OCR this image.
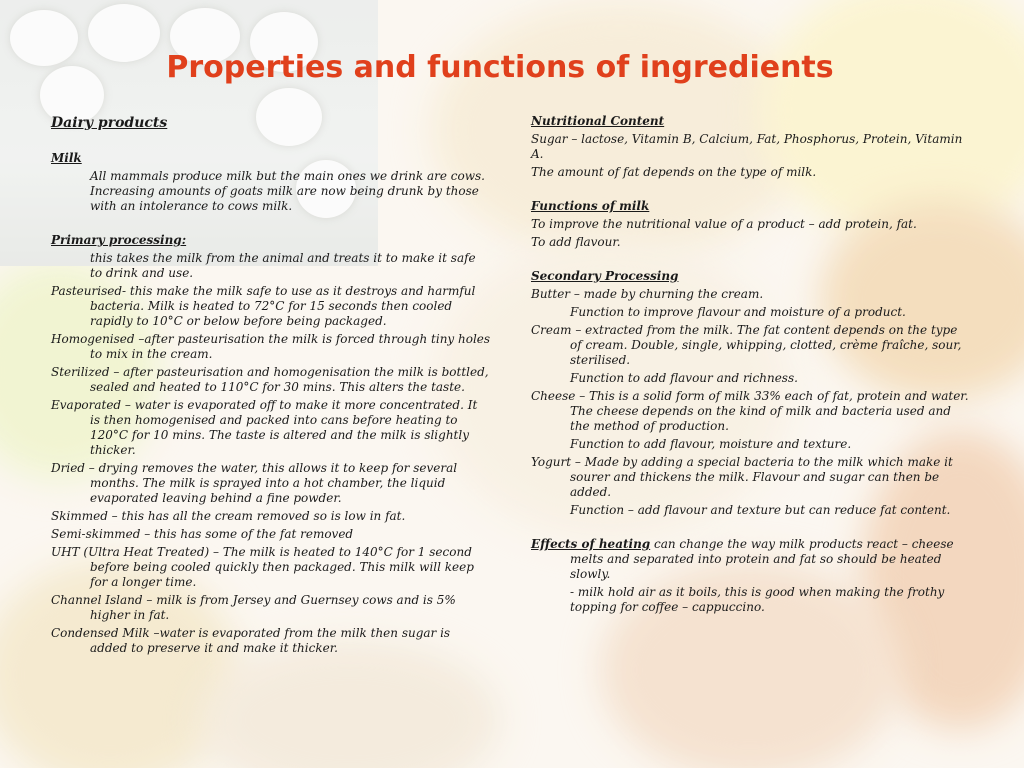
Properties and functions of ingredients

Dairy products

Milk

All mammals produce milk but the main ones we drink are cows. Increasing amounts of goats milk are now being drunk by those with an intolerance to cows milk.

Primary processing:

this takes the milk from the animal and treats it to make it safe to drink and use.

Pasteurised- this make the milk safe to use as it destroys and harmful bacteria. Milk is heated to 72°C for 15 seconds then cooled rapidly to 10°C or below before being packaged.

Homogenised –after pasteurisation the milk is forced through tiny holes to mix in the cream.

Sterilized – after pasteurisation and homogenisation the milk is bottled, sealed and heated to 110°C for 30 mins. This alters the taste.

Evaporated – water is evaporated off to make it more concentrated. It is then homogenised and packed into cans before heating to 120°C for 10 mins. The taste is altered and the milk is slightly thicker.

Dried – drying removes the water, this allows it to keep for several months. The milk is sprayed into a hot chamber, the liquid evaporated leaving behind a fine powder.

Skimmed – this has all the cream removed so is low in fat.

Semi-skimmed – this has some of the fat removed

UHT (Ultra Heat Treated) – The milk is heated to 140°C for 1 second before being cooled quickly then packaged. This milk will keep for a longer time.

Channel Island – milk is from Jersey and Guernsey cows and is 5% higher in fat.

Condensed Milk –water is evaporated from the milk then sugar is added to preserve it and make it thicker.

Nutritional Content

Sugar – lactose, Vitamin B, Calcium, Fat, Phosphorus, Protein, Vitamin A.

The amount of fat depends on the type of milk.

Functions of milk

To improve the nutritional value of a product – add protein, fat.

To add flavour.

Secondary Processing

Butter – made by churning the cream.

Function to improve flavour and moisture of a product.

Cream – extracted from the milk. The fat content depends on the type of cream. Double, single, whipping, clotted, crème fraîche, sour, sterilised.

Function to add flavour and richness.

Cheese – This is a solid form of milk 33% each of fat, protein and water. The cheese depends on the kind of milk and bacteria used and the method of production.

Function to add flavour, moisture and texture.

Yogurt – Made by adding a special bacteria to the milk which make it sourer and thickens the milk. Flavour and sugar can then be added.

Function – add flavour and texture but can reduce fat content.

Effects of heating can change the way milk products react – cheese melts and separated into protein and fat so should be heated slowly.

- milk hold air as it boils, this is good when making the frothy topping for coffee – cappuccino.
